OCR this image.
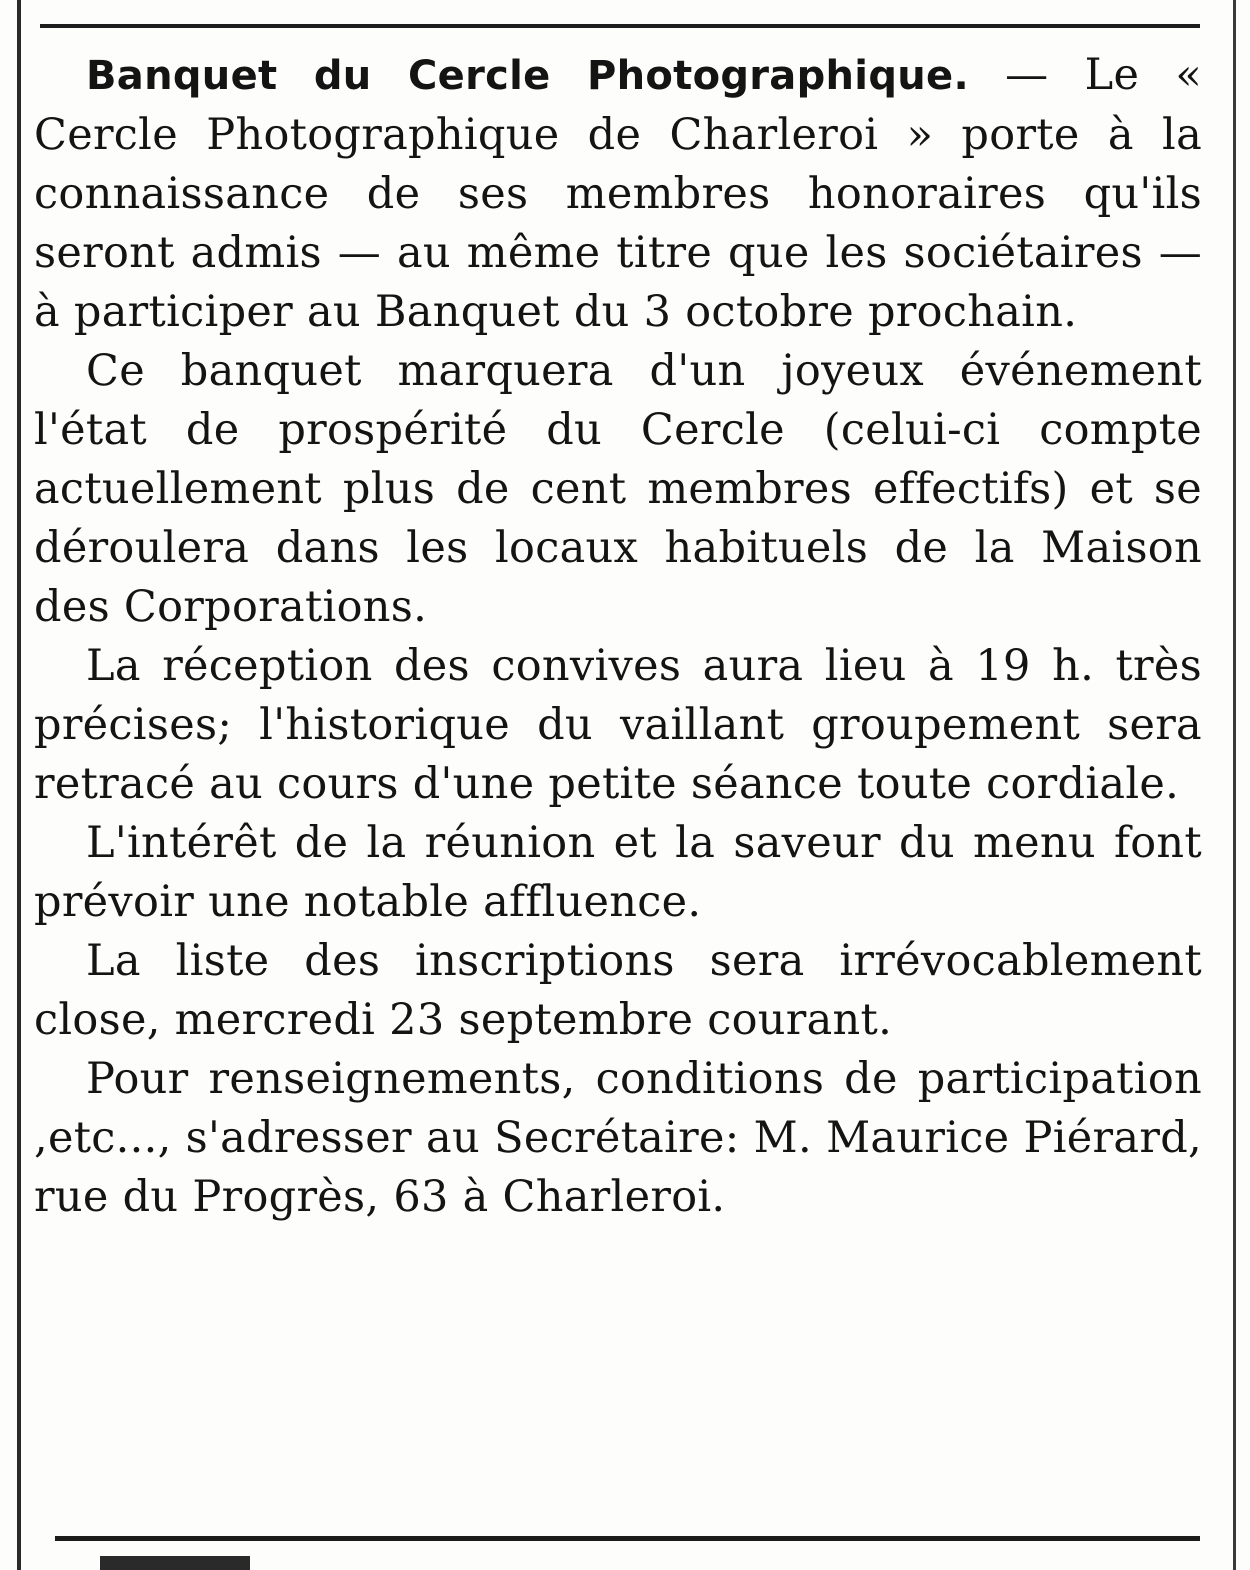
Banquet du Cercle Photographique. — Le « Cercle Photographique de Charleroi » porte à la connaissance de ses membres honoraires qu'ils seront admis — au même titre que les sociétaires — à participer au Banquet du 3 octobre prochain.

Ce banquet marquera d'un joyeux événement l'état de prospérité du Cercle (celui-ci compte actuellement plus de cent membres effectifs) et se déroulera dans les locaux habituels de la Maison des Corporations.

La réception des convives aura lieu à 19 h. très précises; l'historique du vaillant groupement sera retracé au cours d'une petite séance toute cordiale.

L'intérêt de la réunion et la saveur du menu font prévoir une notable affluence.

La liste des inscriptions sera irrévocablement close, mercredi 23 septembre courant.

Pour renseignements, conditions de participation ,etc..., s'adresser au Secrétaire: M. Maurice Piérard, rue du Progrès, 63 à Charleroi.
